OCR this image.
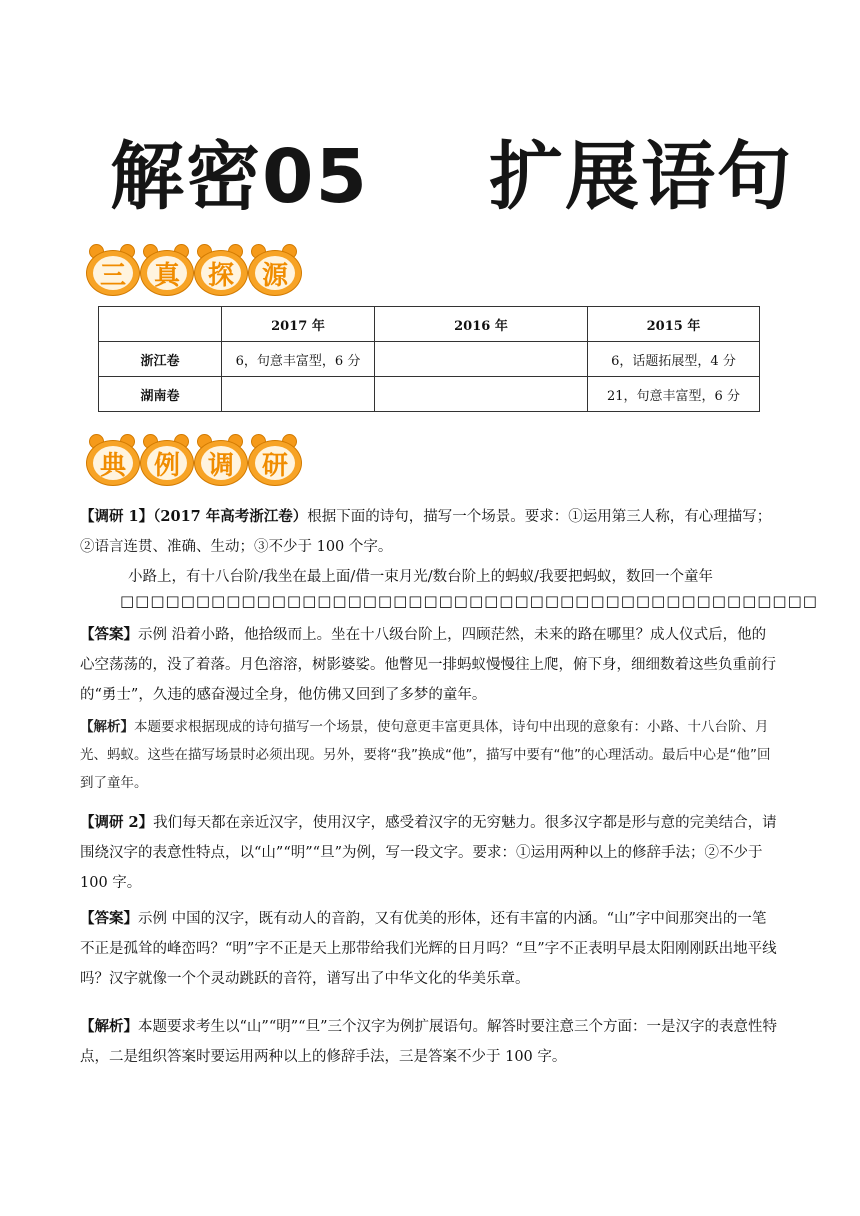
解密05 扩展语句
三 真 探 源
	2017 年	2016 年	2015 年
浙江卷	6，句意丰富型，6 分		6，话题拓展型，4 分
湖南卷			21，句意丰富型，6 分
典 例 调 研
【调研 1】（2017 年高考浙江卷）根据下面的诗句，描写一个场景。要求：①运用第三人称，有心理描写；②语言连贯、准确、生动；③不少于 100 个字。
小路上，有十八台阶/我坐在最上面/借一束月光/数台阶上的蚂蚁/我要把蚂蚁，数回一个童年
□□□□□□□□□□□□□□□□□□□□□□□□□□□□□□□□□□□□□□□□□□□□□□
【答案】示例 沿着小路，他拾级而上。坐在十八级台阶上，四顾茫然，未来的路在哪里？成人仪式后，他的心空荡荡的，没了着落。月色溶溶，树影婆娑。他瞥见一排蚂蚁慢慢往上爬，俯下身，细细数着这些负重前行的“勇士”，久违的感奋漫过全身，他仿佛又回到了多梦的童年。
【解析】本题要求根据现成的诗句描写一个场景，使句意更丰富更具体，诗句中出现的意象有：小路、十八台阶、月光、蚂蚁。这些在描写场景时必须出现。另外，要将“我”换成“他”，描写中要有“他”的心理活动。最后中心是“他”回到了童年。
【调研 2】我们每天都在亲近汉字，使用汉字，感受着汉字的无穷魅力。很多汉字都是形与意的完美结合，请围绕汉字的表意性特点，以“山”“明”“旦”为例，写一段文字。要求：①运用两种以上的修辞手法；②不少于 100 字。
【答案】示例 中国的汉字，既有动人的音韵，又有优美的形体，还有丰富的内涵。“山”字中间那突出的一笔不正是孤耸的峰峦吗？“明”字不正是天上那带给我们光辉的日月吗？“旦”字不正表明早晨太阳刚刚跃出地平线吗？汉字就像一个个灵动跳跃的音符，谱写出了中华文化的华美乐章。
【解析】本题要求考生以“山”“明”“旦”三个汉字为例扩展语句。解答时要注意三个方面：一是汉字的表意性特点，二是组织答案时要运用两种以上的修辞手法，三是答案不少于 100 字。
